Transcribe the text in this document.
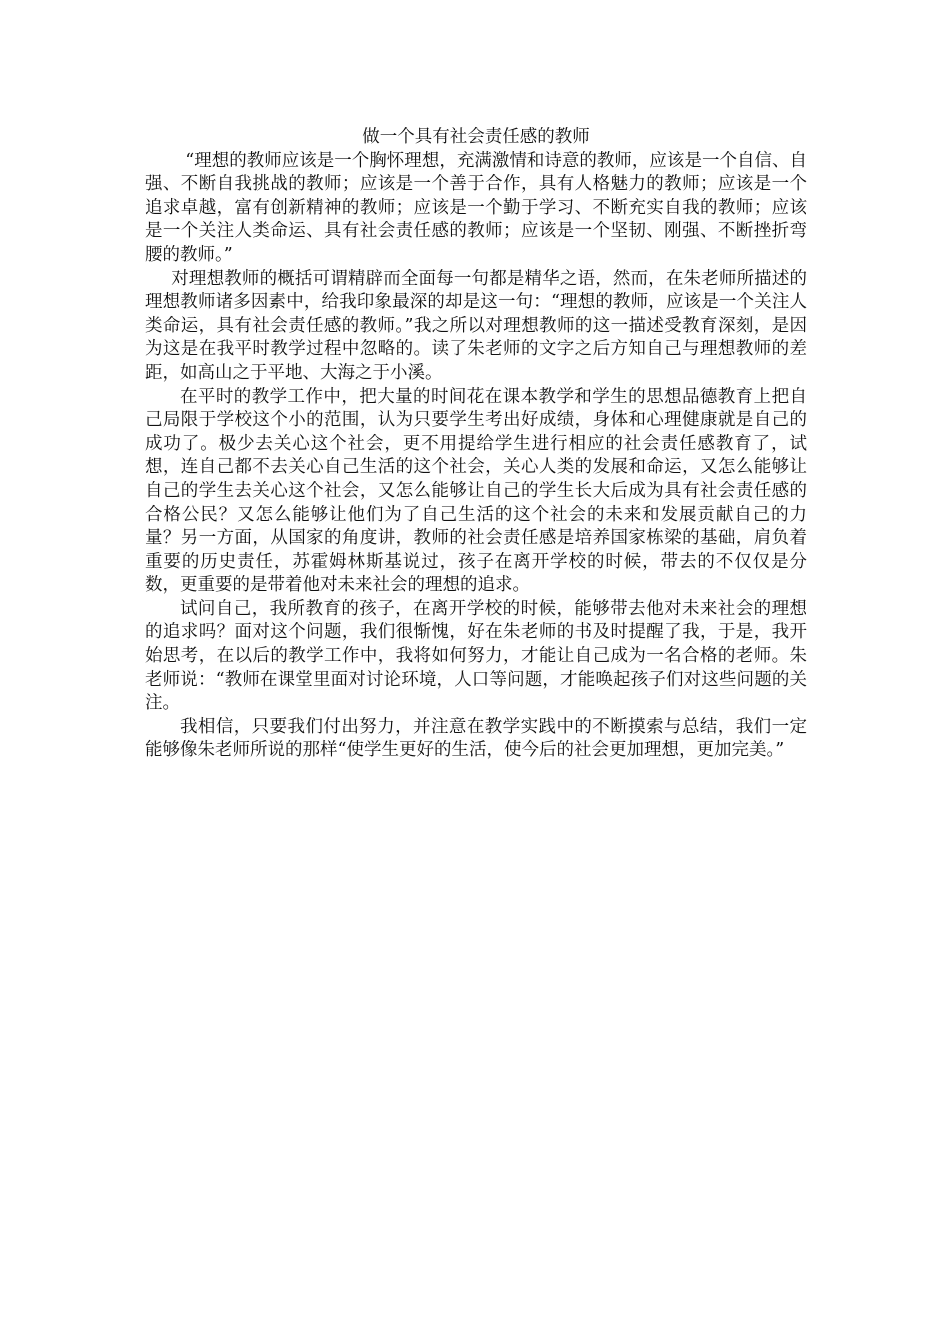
做一个具有社会责任感的教师

“理想的教师应该是一个胸怀理想，充满激情和诗意的教师，应该是一个自信、自强、不断自我挑战的教师；应该是一个善于合作，具有人格魅力的教师；应该是一个追求卓越，富有创新精神的教师；应该是一个勤于学习、不断充实自我的教师；应该是一个关注人类命运、具有社会责任感的教师；应该是一个坚韧、刚强、不断挫折弯腰的教师。”

对理想教师的概括可谓精辟而全面每一句都是精华之语，然而，在朱老师所描述的理想教师诸多因素中，给我印象最深的却是这一句：“理想的教师，应该是一个关注人类命运，具有社会责任感的教师。”我之所以对理想教师的这一描述受教育深刻，是因为这是在我平时教学过程中忽略的。读了朱老师的文字之后方知自己与理想教师的差距，如高山之于平地、大海之于小溪。

在平时的教学工作中，把大量的时间花在课本教学和学生的思想品德教育上把自己局限于学校这个小的范围，认为只要学生考出好成绩，身体和心理健康就是自己的成功了。极少去关心这个社会，更不用提给学生进行相应的社会责任感教育了，试想，连自己都不去关心自己生活的这个社会，关心人类的发展和命运，又怎么能够让自己的学生去关心这个社会，又怎么能够让自己的学生长大后成为具有社会责任感的合格公民？又怎么能够让他们为了自己生活的这个社会的未来和发展贡献自己的力量？另一方面，从国家的角度讲，教师的社会责任感是培养国家栋梁的基础，肩负着重要的历史责任，苏霍姆林斯基说过，孩子在离开学校的时候，带去的不仅仅是分数，更重要的是带着他对未来社会的理想的追求。

试问自己，我所教育的孩子，在离开学校的时候，能够带去他对未来社会的理想的追求吗？面对这个问题，我们很惭愧，好在朱老师的书及时提醒了我，于是，我开始思考，在以后的教学工作中，我将如何努力，才能让自己成为一名合格的老师。朱老师说：“教师在课堂里面对讨论环境，人口等问题，才能唤起孩子们对这些问题的关注。

我相信，只要我们付出努力，并注意在教学实践中的不断摸索与总结，我们一定能够像朱老师所说的那样“使学生更好的生活，使今后的社会更加理想，更加完美。”
